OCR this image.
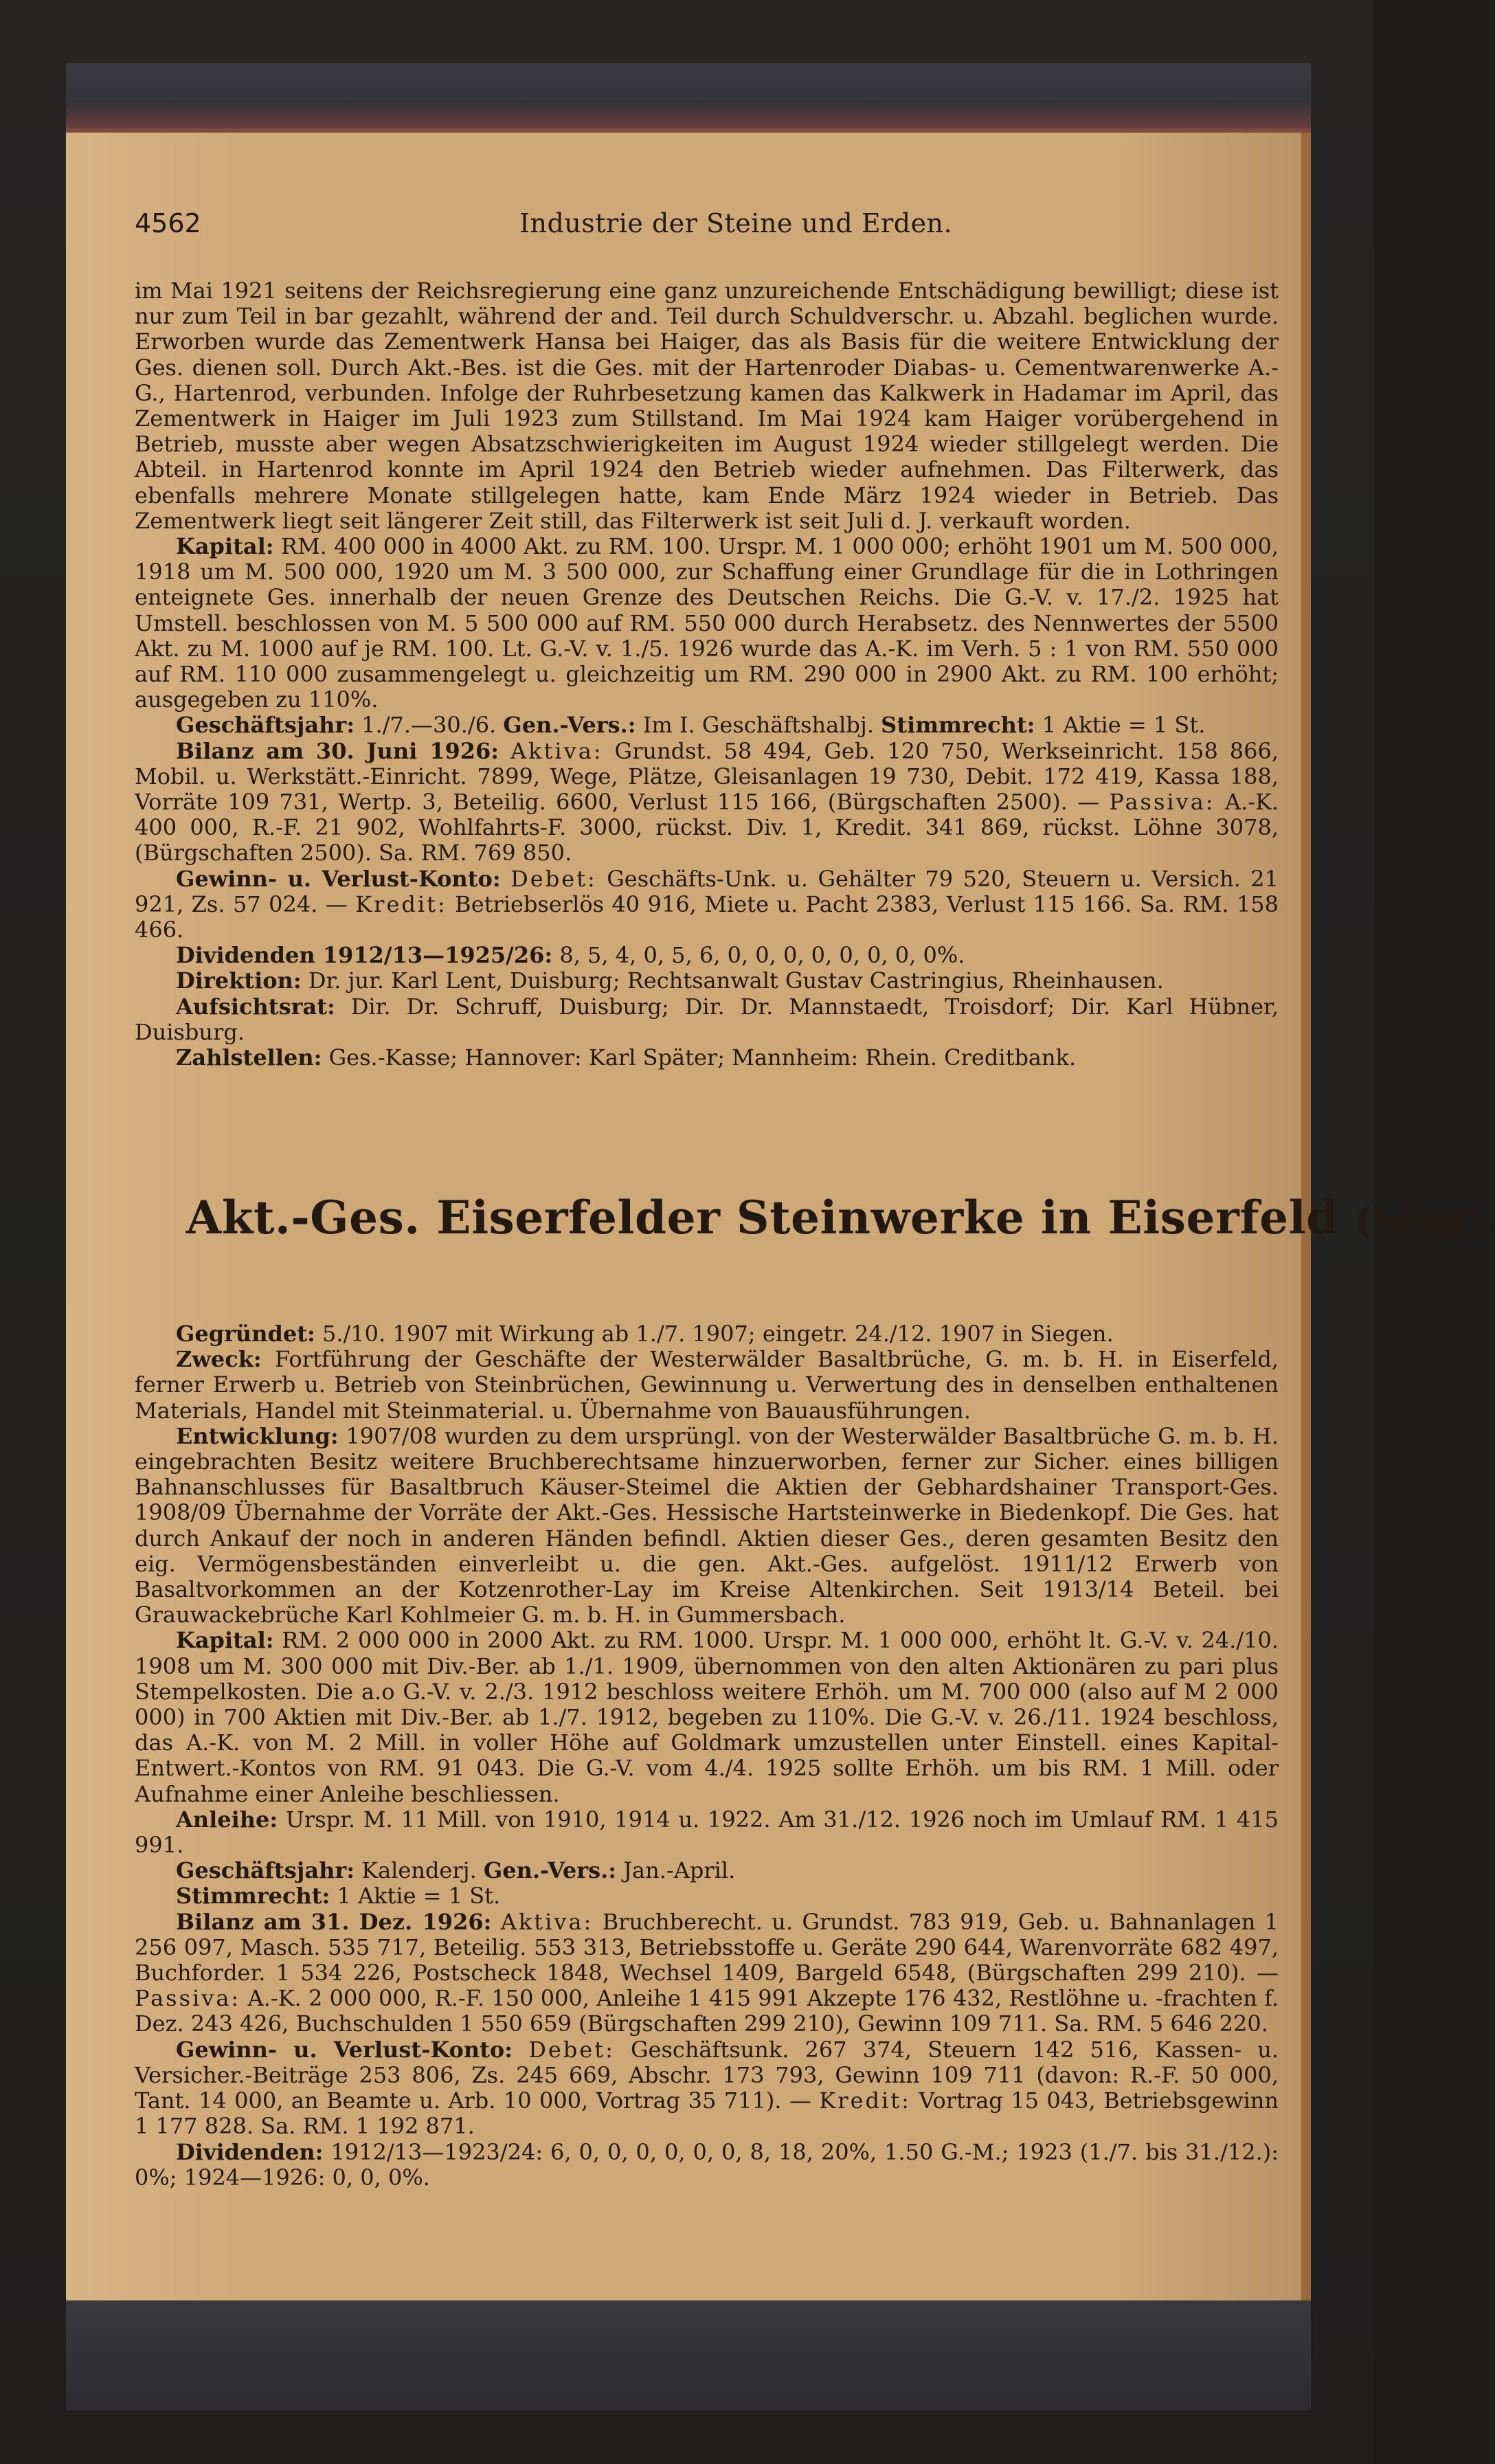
4562	Industrie der Steine und Erden.

im Mai 1921 seitens der Reichsregierung eine ganz unzureichende Entschädigung bewilligt; diese ist nur zum Teil in bar gezahlt, während der and. Teil durch Schuldverschr. u. Abzahl. beglichen wurde. Erworben wurde das Zementwerk Hansa bei Haiger, das als Basis für die weitere Entwicklung der Ges. dienen soll. Durch Akt.-Bes. ist die Ges. mit der Hartenroder Diabas- u. Cementwarenwerke A.-G., Hartenrod, verbunden. Infolge der Ruhrbesetzung kamen das Kalkwerk in Hadamar im April, das Zementwerk in Haiger im Juli 1923 zum Stillstand. Im Mai 1924 kam Haiger vorübergehend in Betrieb, musste aber wegen Absatzschwierigkeiten im August 1924 wieder stillgelegt werden. Die Abteil. in Hartenrod konnte im April 1924 den Betrieb wieder aufnehmen. Das Filterwerk, das ebenfalls mehrere Monate stillgelegen hatte, kam Ende März 1924 wieder in Betrieb. Das Zementwerk liegt seit längerer Zeit still, das Filterwerk ist seit Juli d. J. verkauft worden.

Kapital: RM. 400 000 in 4000 Akt. zu RM. 100. Urspr. M. 1 000 000; erhöht 1901 um M. 500 000, 1918 um M. 500 000, 1920 um M. 3 500 000, zur Schaffung einer Grundlage für die in Lothringen enteignete Ges. innerhalb der neuen Grenze des Deutschen Reichs. Die G.-V. v. 17./2. 1925 hat Umstell. beschlossen von M. 5 500 000 auf RM. 550 000 durch Herabsetz. des Nennwertes der 5500 Akt. zu M. 1000 auf je RM. 100. Lt. G.-V. v. 1./5. 1926 wurde das A.-K. im Verh. 5 : 1 von RM. 550 000 auf RM. 110 000 zusammengelegt u. gleichzeitig um RM. 290 000 in 2900 Akt. zu RM. 100 erhöht; ausgegeben zu 110%.

Geschäftsjahr: 1./7.—30./6. Gen.-Vers.: Im I. Geschäftshalbj. Stimmrecht: 1 Aktie = 1 St.

Bilanz am 30. Juni 1926: Aktiva: Grundst. 58 494, Geb. 120 750, Werkseinricht. 158 866, Mobil. u. Werkstätt.-Einricht. 7899, Wege, Plätze, Gleisanlagen 19 730, Debit. 172 419, Kassa 188, Vorräte 109 731, Wertp. 3, Beteilig. 6600, Verlust 115 166, (Bürgschaften 2500). — Passiva: A.-K. 400 000, R.-F. 21 902, Wohlfahrts-F. 3000, rückst. Div. 1, Kredit. 341 869, rückst. Löhne 3078, (Bürgschaften 2500). Sa. RM. 769 850.

Gewinn- u. Verlust-Konto: Debet: Geschäfts-Unk. u. Gehälter 79 520, Steuern u. Versich. 21 921, Zs. 57 024. — Kredit: Betriebserlös 40 916, Miete u. Pacht 2383, Verlust 115 166. Sa. RM. 158 466.

Dividenden 1912/13—1925/26: 8, 5, 4, 0, 5, 6, 0, 0, 0, 0, 0, 0, 0, 0%.

Direktion: Dr. jur. Karl Lent, Duisburg; Rechtsanwalt Gustav Castringius, Rheinhausen.

Aufsichtsrat: Dir. Dr. Schruff, Duisburg; Dir. Dr. Mannstaedt, Troisdorf; Dir. Karl Hübner, Duisburg.

Zahlstellen: Ges.-Kasse; Hannover: Karl Später; Mannheim: Rhein. Creditbank.

Akt.-Ges. Eiserfelder Steinwerke in Eiserfeld (Sieg).

Gegründet: 5./10. 1907 mit Wirkung ab 1./7. 1907; eingetr. 24./12. 1907 in Siegen.

Zweck: Fortführung der Geschäfte der Westerwälder Basaltbrüche, G. m. b. H. in Eiserfeld, ferner Erwerb u. Betrieb von Steinbrüchen, Gewinnung u. Verwertung des in denselben enthaltenen Materials, Handel mit Steinmaterial. u. Übernahme von Bauausführungen.

Entwicklung: 1907/08 wurden zu dem ursprüngl. von der Westerwälder Basaltbrüche G. m. b. H. eingebrachten Besitz weitere Bruchberechtsame hinzuerworben, ferner zur Sicher. eines billigen Bahnanschlusses für Basaltbruch Käuser-Steimel die Aktien der Gebhardshainer Transport-Ges. 1908/09 Übernahme der Vorräte der Akt.-Ges. Hessische Hartsteinwerke in Biedenkopf. Die Ges. hat durch Ankauf der noch in anderen Händen befindl. Aktien dieser Ges., deren gesamten Besitz den eig. Vermögensbeständen einverleibt u. die gen. Akt.-Ges. aufgelöst. 1911/12 Erwerb von Basaltvorkommen an der Kotzenrother-Lay im Kreise Altenkirchen. Seit 1913/14 Beteil. bei Grauwackebrüche Karl Kohlmeier G. m. b. H. in Gummersbach.

Kapital: RM. 2 000 000 in 2000 Akt. zu RM. 1000. Urspr. M. 1 000 000, erhöht lt. G.-V. v. 24./10. 1908 um M. 300 000 mit Div.-Ber. ab 1./1. 1909, übernommen von den alten Aktionären zu pari plus Stempelkosten. Die a.o G.-V. v. 2./3. 1912 beschloss weitere Erhöh. um M. 700 000 (also auf M 2 000 000) in 700 Aktien mit Div.-Ber. ab 1./7. 1912, begeben zu 110%. Die G.-V. v. 26./11. 1924 beschloss, das A.-K. von M. 2 Mill. in voller Höhe auf Goldmark umzustellen unter Einstell. eines Kapital-Entwert.-Kontos von RM. 91 043. Die G.-V. vom 4./4. 1925 sollte Erhöh. um bis RM. 1 Mill. oder Aufnahme einer Anleihe beschliessen.

Anleihe: Urspr. M. 11 Mill. von 1910, 1914 u. 1922. Am 31./12. 1926 noch im Umlauf RM. 1 415 991.

Geschäftsjahr: Kalenderj. Gen.-Vers.: Jan.-April.

Stimmrecht: 1 Aktie = 1 St.

Bilanz am 31. Dez. 1926: Aktiva: Bruchberecht. u. Grundst. 783 919, Geb. u. Bahnanlagen 1 256 097, Masch. 535 717, Beteilig. 553 313, Betriebsstoffe u. Geräte 290 644, Warenvorräte 682 497, Buchforder. 1 534 226, Postscheck 1848, Wechsel 1409, Bargeld 6548, (Bürgschaften 299 210). — Passiva: A.-K. 2 000 000, R.-F. 150 000, Anleihe 1 415 991 Akzepte 176 432, Restlöhne u. -frachten f. Dez. 243 426, Buchschulden 1 550 659 (Bürgschaften 299 210), Gewinn 109 711. Sa. RM. 5 646 220.

Gewinn- u. Verlust-Konto: Debet: Geschäftsunk. 267 374, Steuern 142 516, Kassen- u. Versicher.-Beiträge 253 806, Zs. 245 669, Abschr. 173 793, Gewinn 109 711 (davon: R.-F. 50 000, Tant. 14 000, an Beamte u. Arb. 10 000, Vortrag 35 711). — Kredit: Vortrag 15 043, Betriebsgewinn 1 177 828. Sa. RM. 1 192 871.

Dividenden: 1912/13—1923/24: 6, 0, 0, 0, 0, 0, 0, 8, 18, 20%, 1.50 G.-M.; 1923 (1./7. bis 31./12.): 0%; 1924—1926: 0, 0, 0%.
